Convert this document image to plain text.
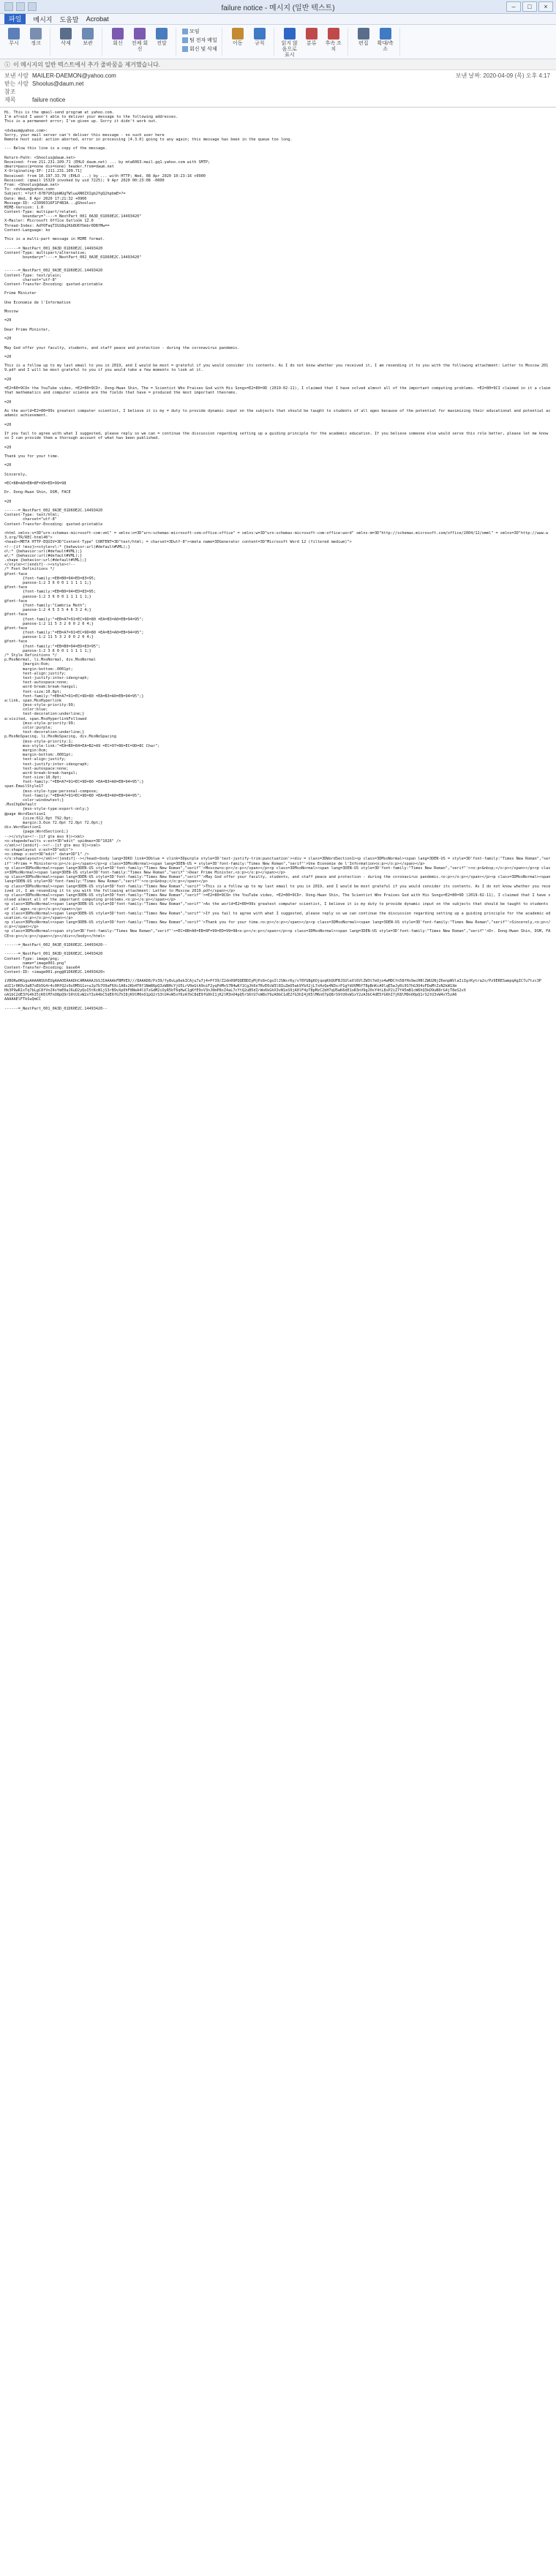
failure notice - 메시지 (일반 텍스트)	–	□	×
파일	메시지 도움말 Acrobat
무시 정크	삭제 보관	회신 전체 회신
전달
모임
팀 전자 메일
회신 및 삭제
이동 규칙	읽지 않음으로 표시
분류 후속 조치
편집 확대/축소
ⓘ 이 메시지의 일반 텍스트에서 추가 줄바꿈을 제거했습니다.
보낸 사람 MAILER-DAEMON@yahoo.com
받는 사람 Shoolus@daum.net
참조
제목	failure notice
보낸 날짜: 2020-04-09 (목) 오후 4:17
Hi. This is the qmail-send program at yahoo.com.
I'm afraid I wasn't able to deliver your message to the following addresses.
This is a permanent error; I've given up. Sorry it didn't work out.
<dvbaum@yahoo.com>:
Sorry, your mail server can't deliver this message - no such user here
Remote host said: action aborted, error in processing [4.3.0] going to any again; this message has been in the queue too long.
--- Below this line is a copy of the message.
Return-Path: <Shoolus@daum.net>
Received: from 211.231.109.71 (EHLO daum.net) ... by mta6063.mail.gq1.yahoo.com with SMTP;
dmarc=pass(p=none dis=none) header.from=daum.net
X-Originating-IP: [211.231.109.71]
Received: from 10.197.33.70 (EHLO ...) by ... with HTTP; Wed, 08 Apr 2020 10:23:16 +0900
Received: (qmail 15329 invoked by uid 7225); 9 Apr 2020 00:23:08 -0000
From: <Shoolus@daum.net>
To: <dvbaum@yahoo.com>
Subject: =?utf-8?B?UHJpbWUgTWluaXN0ZXIgb2YgQ2hpbmE=?=
Date: Wed, 8 Apr 2020 17:21:32 +0900
Message-ID: <23090316F1F4B3A...@Shoolus>
MIME-Version: 1.0
Content-Type: multipart/related;
boundary="----=_NextPart_001_0A3D_01D60E2C.14493420"
X-Mailer: Microsoft Office Outlook 12.0
Thread-Index: AdYOFaqTIGS8q2Kb8U6YUmbr0DBfMw==
Content-Language: ko
This is a multi-part message in MIME format.
------=_NextPart_001_0A3D_01D60E2C.14493420
Content-Type: multipart/alternative;
boundary="----=_NextPart_002_0A3E_01D60E2C.14493420"
------=_NextPart_002_0A3E_01D60E2C.14493420
Content-Type: text/plain;
charset="utf-8"
Content-Transfer-Encoding: quoted-printable
Prime Minister
Une Economie de l'Information
Moscow
=20
Dear Prime Minister,
=20
May God offer your faculty, students, and staff peace and protection - during the coronavirus pandemic.
=20
This is a follow up to my last email to you in 2019, and I would be most = grateful if you would consider its contents. As I do not know whether you received it, I am resending it to you with the following attachment: Letter to Moscow 2019.pdf and I will be most grateful to you if you would take a few moments to look at it.
=20
=E2=80=9COn the YouTube video, =E2=80=9CDr. Dong-Hwan Shin, The = Scientist Who Praises God with His Songs=E2=80=9D (2019-02-11), I claimed that I have solved almost all of the important computing problems. =E2=80=9CI claimed in it a claim that mathematics and computer science are the fields that have = produced the most important theorems.
=20
As the world=E2=80=99s greatest computer scientist, I believe it is my = duty to provide dynamic input on the subjects that should be taught to students of all ages because of the potential for maximizing their educational and potential academic achievement.
=20
If you fail to agree with what I suggested, please reply so we can = continue the discussion regarding setting up a guiding principle for the academic education. If you believe someone else would serve this role better, please let me know so I can provide them a thorough account of what has been published.
=20
Thank you for your time.
=20
Sincerely,
=EC=8B=A0=EB=8F=99=ED=99=98
Dr. Dong-Hwan Shin, DSM, FACE
=20
------=_NextPart_002_0A3E_01D60E2C.14493420
Content-Type: text/html;
charset="utf-8"
Content-Transfer-Encoding: quoted-printable
<html xmlns:v=3D"urn:schemas-microsoft-com:vml" = xmlns:o=3D"urn:schemas-microsoft-com:office:office" = xmlns:w=3D"urn:schemas-microsoft-com:office:word" xmlns:m=3D"http://schemas.microsoft.com/office/2004/12/omml" = xmlns=3D"http://www.w3.org/TR/REC-html40">
<head><META HTTP-EQUIV=3D"Content-Type" CONTENT=3D"text/html; = charset=3Dutf-8"><meta name=3DGenerator content=3D"Microsoft Word 12 (filtered medium)">
<!--[if !mso]><style>v\:* {behavior:url(#default#VML);}
o\:* {behavior:url(#default#VML);}
w\:* {behavior:url(#default#VML);}
.shape {behavior:url(#default#VML);}
</style><![endif]--><style><!--
/* Font Definitions */
@font-face
{font-family:=EB=B0=94=ED=83=95;
panose-1:2 3 6 0 0 1 1 1 1 1;}
@font-face
{font-family:=EB=B0=94=ED=83=95;
panose-1:2 3 6 0 0 1 1 1 1 1;}
@font-face
{font-family:"Cambria Math";
panose-1:2 4 5 3 5 4 6 3 2 4;}
@font-face
{font-family:"=EB=A7=91=EC=9D=80 =EA=B3=A0=EB=94=95";
panose-1:2 11 5 3 2 0 0 2 0 4;}
@font-face
{font-family:"=EB=A7=91=EC=9D=80 =EA=B3=A0=EB=94=95";
panose-1:2 11 5 3 2 0 0 2 0 4;}
@font-face
{font-family:"=EB=B0=94=ED=83=95";
panose-1:2 3 6 0 0 1 1 1 1 1;}
/* Style Definitions */
p.MsoNormal, li.MsoNormal, div.MsoNormal
{margin:0cm;
margin-bottom:.0001pt;
text-align:justify;
text-justify:inter-ideograph;
text-autospace:none;
word-break:break-hangul;
font-size:10.0pt;
font-family:"=EB=A7=91=EC=9D=80 =EA=B3=A0=EB=94=95";}
a:link, span.MsoHyperlink
{mso-style-priority:99;
color:blue;
text-decoration:underline;}
a:visited, span.MsoHyperlinkFollowed
{mso-style-priority:99;
color:purple;
text-decoration:underline;}
p.MsoNoSpacing, li.MsoNoSpacing, div.MsoNoSpacing
{mso-style-priority:1;
mso-style-link:"=EA=B0=84=EA=B2=A9 =EC=97=86=EC=9D=8C Char";
margin:0cm;
margin-bottom:.0001pt;
text-align:justify;
text-justify:inter-ideograph;
text-autospace:none;
word-break:break-hangul;
font-size:10.0pt;
font-family:"=EB=A7=91=EC=9D=80 =EA=B3=A0=EB=94=95";}
span.EmailStyle17
{mso-style-type:personal-compose;
font-family:"=EB=A7=91=EC=9D=80 =EA=B3=A0=EB=94=95";
color:windowtext;}
.MsoChpDefault
{mso-style-type:export-only;}
@page WordSection1
{size:612.0pt 792.0pt;
margin:3.0cm 72.0pt 72.0pt 72.0pt;}
div.WordSection1
{page:WordSection1;}
--></style><!--[if gte mso 9]><xml>
<o:shapedefaults v:ext=3D"edit" spidmax=3D"1026" />
</xml><![endif]--><!--[if gte mso 9]><xml>
<o:shapelayout v:ext=3D"edit">
<o:idmap v:ext=3D"edit" data=3D"1" />
</o:shapelayout></xml><![endif]--></head><body lang=3DKO link=3Dblue = vlink=3Dpurple style=3D'text-justify-trim:punctuation'><div = class=3DWordSection1><p class=3DMsoNormal><span lang=3DEN-US = style=3D'font-family:"Times New Roman","serif"'>Prime = Minister<o:p></o:p></span></p><p class=3DMsoNormal><span lang=3DEN-US = style=3D'font-family:"Times New Roman","serif"'>Une Economie de l'Information<o:p></o:p></span></p>
<p class=3DMsoNormal><span lang=3DEN-US style=3D'font-family:"Times New Roman","serif"'>Moscow<o:p></o:p></span></p><p class=3DMsoNormal><span lang=3DEN-US style=3D'font-family:"Times New Roman","serif"'><o:p>&nbsp;</o:p></span></p><p class=3DMsoNormal><span lang=3DEN-US style=3D'font-family:"Times New Roman","serif"'>Dear Prime Minister,<o:p></o:p></span></p>
<p class=3DMsoNormal><span lang=3DEN-US style=3D'font-family:"Times New Roman","serif"'>May God offer your faculty, students, and staff peace and protection - during the coronavirus pandemic.<o:p></o:p></span></p><p class=3DMsoNormal><span lang=3DEN-US style=3D'font-family:"Times New Roman","serif"'><o:p>&nbsp;</o:p></span></p>
<p class=3DMsoNormal><span lang=3DEN-US style=3D'font-family:"Times New Roman","serif"'>This is a follow up to my last email to you in 2019, and I would be most grateful if you would consider its contents. As I do not know whether you received it, I am resending it to you with the following attachment: Letter to Moscow 2019.pdf</span></p>
<p class=3DMsoNormal><span lang=3DEN-US style=3D'font-family:"Times New Roman","serif"'>=E2=80=9COn the YouTube video, =E2=80=9CDr. Dong-Hwan Shin, The Scientist Who Praises God with His Songs=E2=80=9D (2019-02-11), I claimed that I have solved almost all of the important computing problems.<o:p></o:p></span></p>
<p class=3DMsoNormal><span lang=3DEN-US style=3D'font-family:"Times New Roman","serif"'>As the world=E2=80=99s greatest computer scientist, I believe it is my duty to provide dynamic input on the subjects that should be taught to students of all ages.<o:p></o:p></span></p>
<p class=3DMsoNormal><span lang=3DEN-US style=3D'font-family:"Times New Roman","serif"'>If you fail to agree with what I suggested, please reply so we can continue the discussion regarding setting up a guiding principle for the academic education.<o:p></o:p></span></p>
<p class=3DMsoNormal><span lang=3DEN-US style=3D'font-family:"Times New Roman","serif"'>Thank you for your time.<o:p></o:p></span></p><p class=3DMsoNormal><span lang=3DEN-US style=3D'font-family:"Times New Roman","serif"'>Sincerely,<o:p></o:p></span></p>
<p class=3DMsoNormal><span style=3D'font-family:"Times New Roman","serif"'>=EC=8B=A0=EB=8F=99=ED=99=98<o:p></o:p></span></p><p class=3DMsoNormal><span lang=3DEN-US style=3D'font-family:"Times New Roman","serif"'>Dr. Dong-Hwan Shin, DSM, FACE<o:p></o:p></span></p></div></body></html>
------=_NextPart_002_0A3E_01D60E2C.14493420--
------=_NextPart_001_0A3D_01D60E2C.14493420
Content-Type: image/png;
name="image001.png"
Content-Transfer-Encoding: base64
Content-ID: <image001.png@01D60E2C.14493420>
iVBORw0KGgoAAAANSUhEUgAAAOEAAADhCAMAAAAJbSJIAAAAkFBMVEX///8AAAD8/Pz39/fy8vLp6ekICAju7u7j4+Pf39/Z2dn09PQQEBDIyMjPz8+CgoIlJSWsrKy/v78YGBg6OjqoqKhQUFBJSUleXl6VlZW3t7eOjo4wMDCfn58fHx9wcHBlZWU2NjZ6enpWVlaIiIgrKytra2s/Pz9ERESampqAgIC7u7tzc3P
eUI1r0K0v3aB7oEb5G4r4c0HfQ2x9v0M5G1z+uJp7b7O9aF6Xc1A8s2Kb4T0f1NmR6pQ3zW8HcYjU5LrV0eGtA9oiF2yqPdMxS7B4wKf1CgJh6nTRvE0cW3l8IuZmO5ak9YbX2jL7sHzQe4N3xrP1gYdUVM6fT8pBnKcA0lqE5wJyRi9S7hG3O4vFDaMtZsN2kW1Xm
Hk3P9wR1xTq7bLgC8fVnZ4sYmE0aJ6uD2yQoI5tKcW1jS3rB9vXp0hF8NeA4lU7zGdM2iOyR5bT6qHwC1gKfE9sV3nJ0mP8xZ4aL7cYtQ2uB5dIrWo6kGhX3vN1eS9jA0lF4yT8pMzC2bH7qU5wK6dE1oR3nV9gJ0sY4tL8xP2iZ7fA5mB1cW6hQ3kD9uN0rG4jT8eS2vX
oA1bC2dE3fG4hI5jK6lM7nO8pQ9rS0tU1vW2xY3zA4bC5dE6fG7hI8jK9lM0nO1pQ2rS3tU4vW5xY6zA7bC8dE9fG0hI1jK2lM3nO4pQ5rS6tU7vW8xY9zA0bC1dE2fG3hI4jK5lM6nO7pQ8rS9tU0vW1xY2zA3bC4dE5fG6hI7jK8lM9nO0pQ1rS2tU3vW4xY5zA6
AAAAAElFTkSuQmCC
------=_NextPart_001_0A3D_01D60E2C.14493420--
